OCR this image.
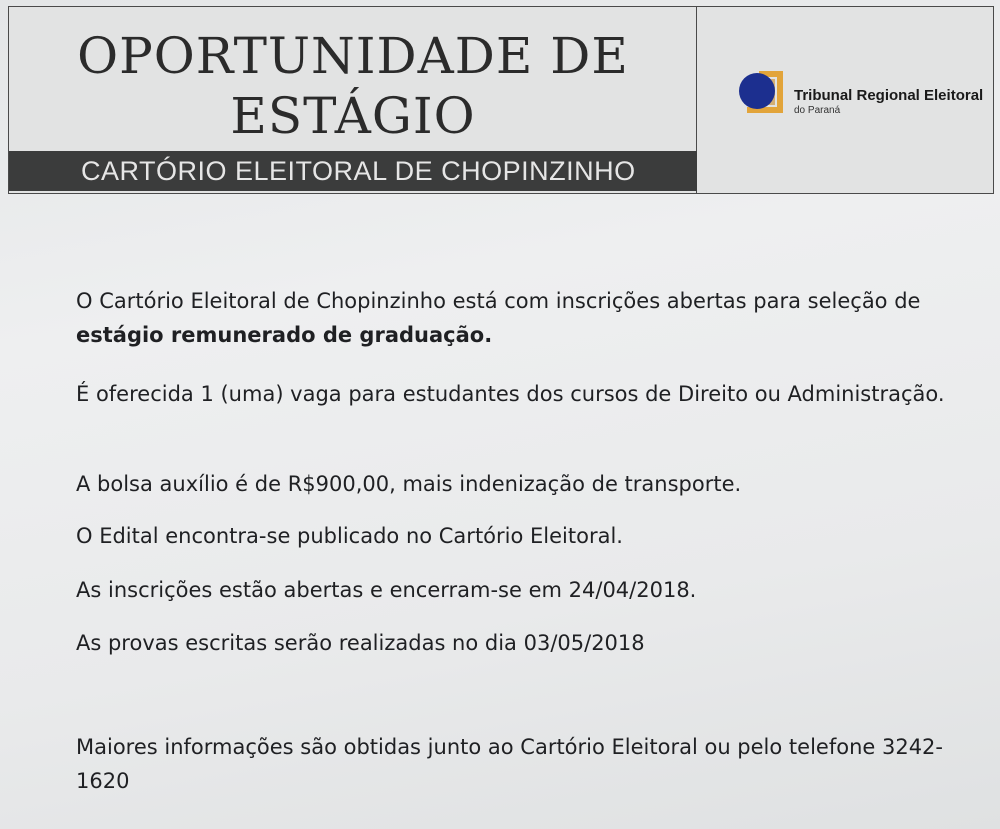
OPORTUNIDADE DE
ESTÁGIO
CARTÓRIO ELEITORAL DE CHOPINZINHO
Tribunal Regional Eleitoral
do Paraná
O Cartório Eleitoral de Chopinzinho está com inscrições abertas para seleção de estágio remunerado de graduação.
É oferecida 1 (uma) vaga para estudantes dos cursos de Direito ou Administração.
A bolsa auxílio é de R$900,00, mais indenização de transporte.
O Edital encontra-se publicado no Cartório Eleitoral.
As inscrições estão abertas e encerram-se em 24/04/2018.
As provas escritas serão realizadas no dia 03/05/2018
Maiores informações são obtidas junto ao Cartório Eleitoral ou pelo telefone 3242-1620
